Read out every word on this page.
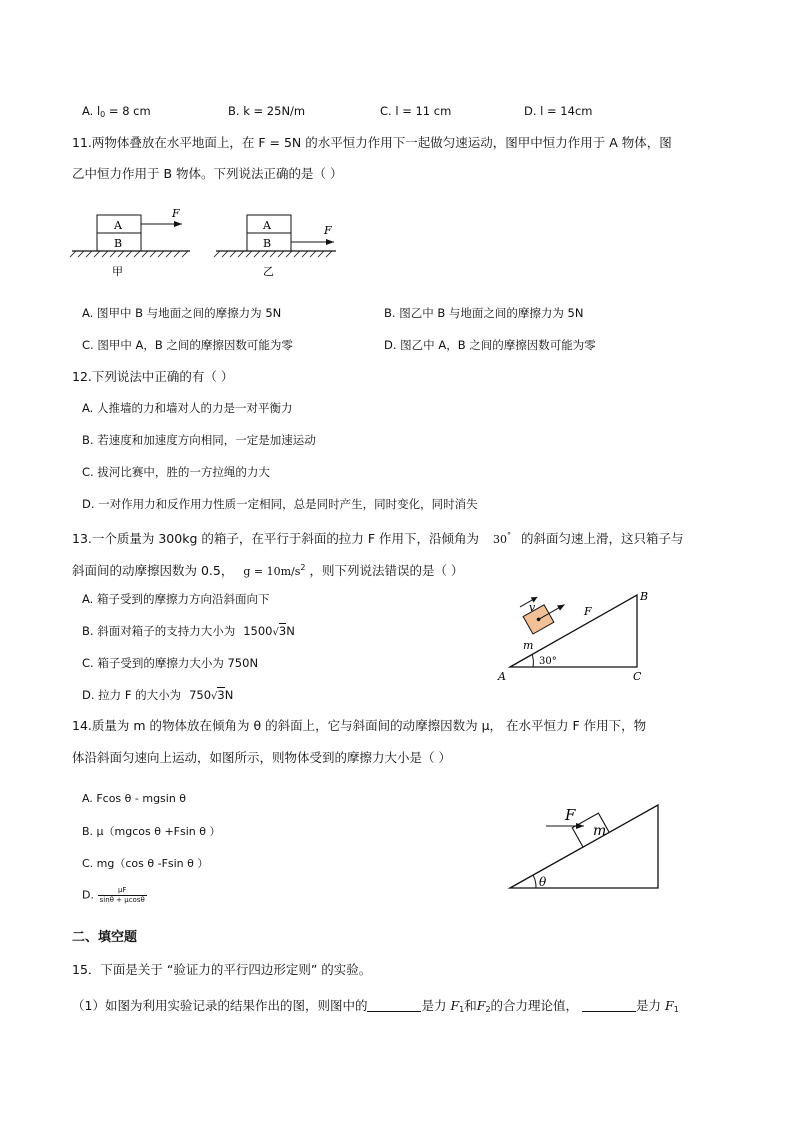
A. $l_0 = 8$ cm	B. k = 25N/m	C. l = 11 cm	D. l = 14cm
11.两物体叠放在水平地面上，在 F = 5N 的水平恒力作用下一起做匀速运动，图甲中恒力作用于 A 物体，图
乙中恒力作用于 B 物体。下列说法正确的是（ ）
A
B
F
甲
A
B
F
乙
A. 图甲中 B 与地面之间的摩擦力为 5N	B. 图乙中 B 与地面之间的摩擦力为 5N
C. 图甲中 A，B 之间的摩擦因数可能为零	D. 图乙中 A，B 之间的摩擦因数可能为零
12.下列说法中正确的有（ ）
A. 人推墙的力和墙对人的力是一对平衡力
B. 若速度和加速度方向相同，一定是加速运动
C. 拔河比赛中，胜的一方拉绳的力大
D. 一对作用力和反作用力性质一定相同，总是同时产生，同时变化，同时消失
13.一个质量为 300kg 的箱子，在平行于斜面的拉力 F 作用下，沿倾角为 30° 的斜面匀速上滑，这只箱子与
斜面间的动摩擦因数为 0.5， $g = 10m/s^2$ ，则下列说法错误的是（ ）
A. 箱子受到的摩擦力方向沿斜面向下
B. 斜面对箱子的支持力大小为 1500√3N
C. 箱子受到的摩擦力大小为 750N
D. 拉力 F 的大小为 750√3N
B
A	C
30°
v	F
m
14.质量为 m 的物体放在倾角为 θ 的斜面上，它与斜面间的动摩擦因数为 μ， 在水平恒力 F 作用下，物
体沿斜面匀速向上运动，如图所示，则物体受到的摩擦力大小是（ ）
A. Fcos θ - mgsin θ
B. μ（mgcos θ +Fsin θ ）
C. mg（cos θ -Fsin θ ）
D. $\frac{\mu F}{\sin\theta + \mu\cos\theta}$
θ
m
F
二、填空题
15．下面是关于 “验证力的平行四边形定则” 的实验。
（1）如图为利用实验记录的结果作出的图，则图中的	是力 $F_1$和$F_2$的合力理论值，	是力 $F_1$
